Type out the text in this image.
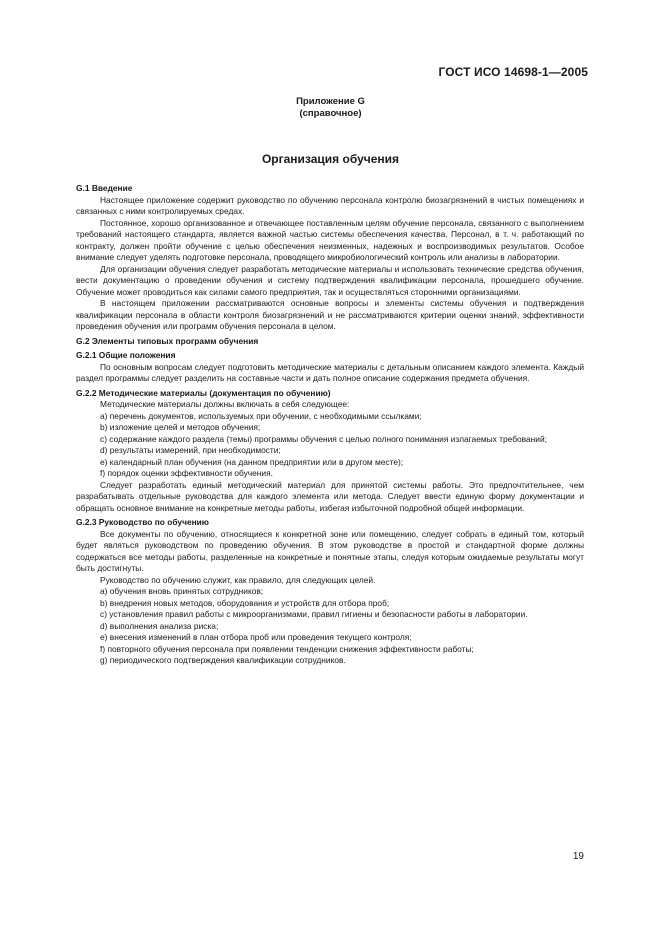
ГОСТ ИСО 14698-1—2005
Приложение G
(справочное)
Организация обучения

G.1 Введение

Настоящее приложение содержит руководство по обучению персонала контролю биозагрязнений в чистых помещениях и связанных с ними контролируемых средах.

Постоянное, хорошо организованное и отвечающее поставленным целям обучение персонала, связанного с выполнением требований настоящего стандарта, является важной частью системы обеспечения качества. Персонал, в т. ч. работающий по контракту, должен пройти обучение с целью обеспечения неизменных, надежных и воспроизводимых результатов. Особое внимание следует уделять подготовке персонала, проводящего микробиологический контроль или анализы в лаборатории.

Для организации обучения следует разработать методические материалы и использовать технические средства обучения, вести документацию о проведении обучения и систему подтверждения квалификации персонала, прошедшего обучение. Обучение может проводиться как силами самого предприятия, так и осуществляться сторонними организациями.

В настоящем приложении рассматриваются основные вопросы и элементы системы обучения и подтверждения квалификации персонала в области контроля биозагрязнений и не рассматриваются критерии оценки знаний, эффективности проведения обучения или программ обучения персонала в целом.

G.2 Элементы типовых программ обучения

G.2.1 Общие положения

По основным вопросам следует подготовить методические материалы с детальным описанием каждого элемента. Каждый раздел программы следует разделить на составные части и дать полное описание содержания предмета обучения.

G.2.2 Методические материалы (документация по обучению)

Методические материалы должны включать в себя следующее:

a) перечень документов, используемых при обучении, с необходимыми ссылками;

b) изложение целей и методов обучения;

c) содержание каждого раздела (темы) программы обучения с целью полного понимания излагаемых требований;

d) результаты измерений, при необходимости;

e) календарный план обучения (на данном предприятии или в другом месте);

f) порядок оценки эффективности обучения.

Следует разработать единый методический материал для принятой системы работы. Это предпочтительнее, чем разрабатывать отдельные руководства для каждого элемента или метода. Следует ввести единую форму документации и обращать основное внимание на конкретные методы работы, избегая избыточной подробной общей информации.

G.2.3 Руководство по обучению

Все документы по обучению, относящиеся к конкретной зоне или помещению, следует собрать в единый том, который будет являться руководством по проведению обучения. В этом руководстве в простой и стандартной форме должны содержаться все методы работы, разделенные на конкретные и понятные этапы, следуя которым ожидаемые результаты могут быть достигнуты.

Руководство по обучению служит, как правило, для следующих целей.

a) обучения вновь принятых сотрудников;

b) внедрения новых методов, оборудования и устройств для отбора проб;

c) установления правил работы с микроорганизмами, правил гигиены и безопасности работы в лаборатории.

d) выполнения анализа риска;

e) внесения изменений в план отбора проб или проведения текущего контроля;

f) повторного обучения персонала при появлении тенденции снижения эффективности работы;

g) периодического подтверждения квалификации сотрудников.

19
